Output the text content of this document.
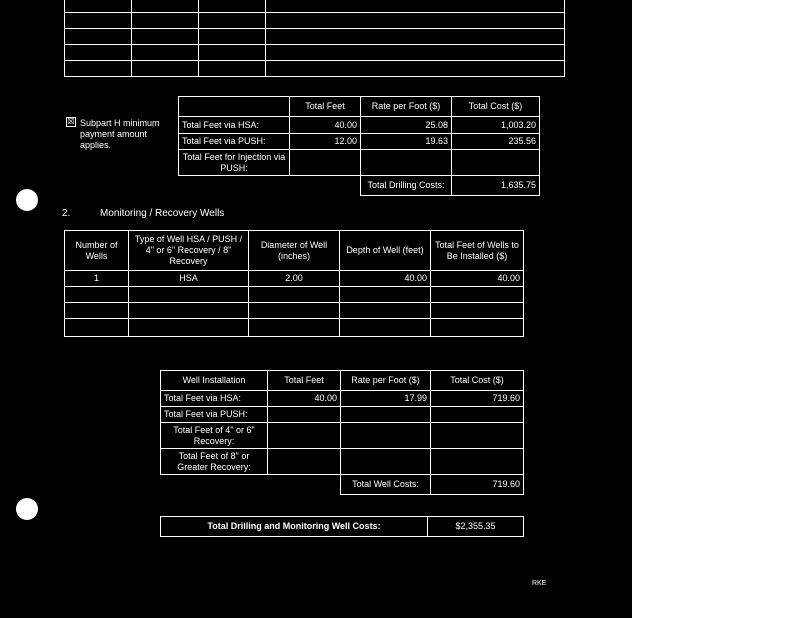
☒ Subpart H minimum payment amount applies.
	Total Feet	Rate per Foot ($)	Total Cost ($)
Total Feet via HSA:	40.00	25.08	1,003.20
Total Feet via PUSH:	12.00	19.63	235.56
Total Feet for Injection via PUSH:			
		Total Drilling Costs:	1,635.75
2.	Monitoring / Recovery Wells
Number of Wells	Type of Well HSA / PUSH / 4" or 6" Recovery / 8" Recovery	Diameter of Well (inches)	Depth of Well (feet)	Total Feet of Wells to Be Installed ($)
1	HSA	2.00	40.00	40.00

Well Installation	Total Feet	Rate per Foot ($)	Total Cost ($)
Total Feet via HSA:	40.00	17.99	719.60
Total Feet via PUSH:			
Total Feet of 4" or 6" Recovery:			
Total Feet of 8" or Greater Recovery:			
		Total Well Costs:	719.60
Total Drilling and Monitoring Well Costs:	$2,355.35
RKE
